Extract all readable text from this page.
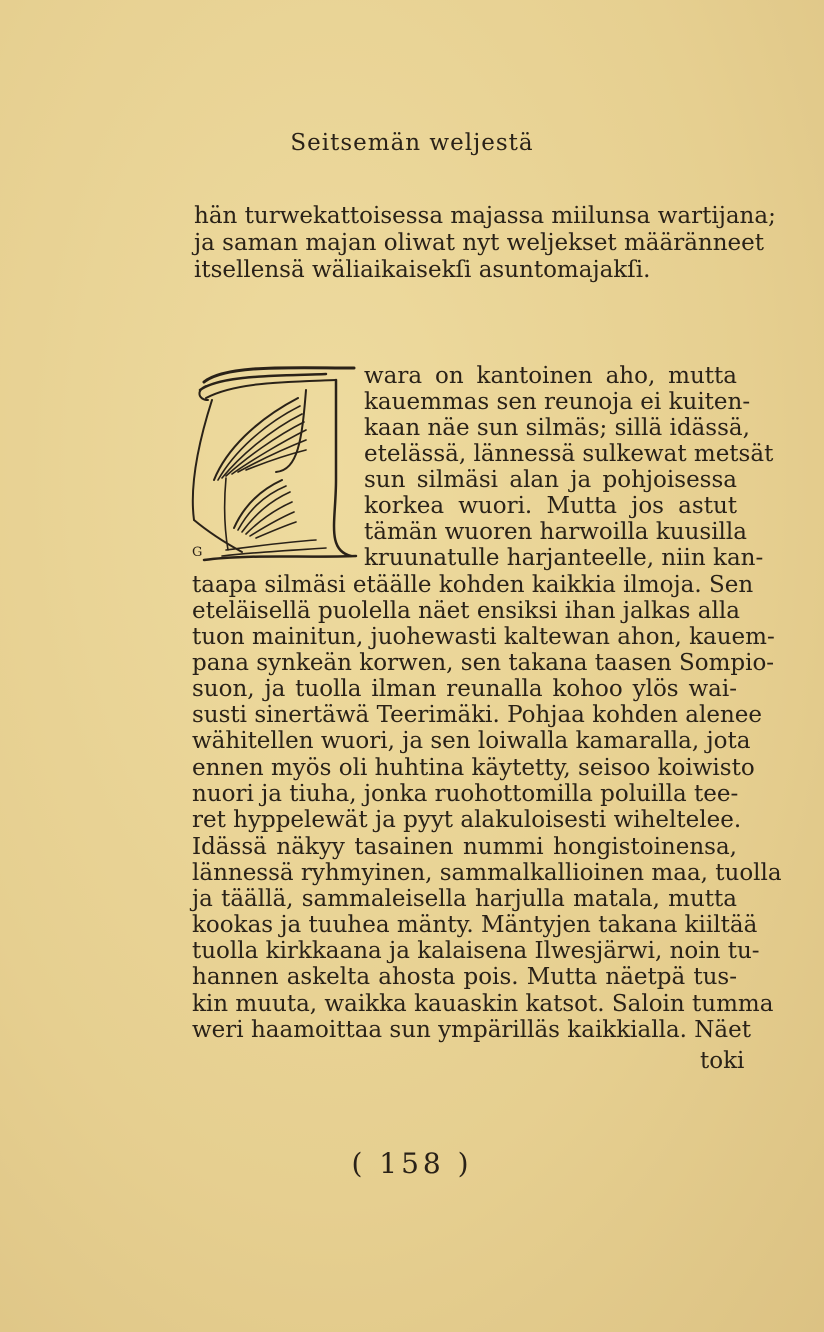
Seitsemän weljestä
hän turwekattoisessa majassa miilunsa wartijana;
ja saman majan oliwat nyt weljekset määränneet
itsellensä wäliaikaisekſi asuntomajakſi.
G
wara on kantoinen aho, mutta
kauemmas sen reunoja ei kuiten-
kaan näe sun silmäs; sillä idässä,
etelässä, lännessä sulkewat metsät
sun silmäsi alan ja pohjoisessa
korkea wuori. Mutta jos astut
tämän wuoren harwoilla kuusilla
kruunatulle harjanteelle, niin kan-
taapa silmäsi etäälle kohden kaikkia ilmoja. Sen
eteläisellä puolella näet ensiksi ihan jalkas alla
tuon mainitun, juohewasti kaltewan ahon, kauem-
pana synkeän korwen, sen takana taasen Sompio-
suon, ja tuolla ilman reunalla kohoo ylös wai-
susti sinertäwä Teerimäki. Pohjaa kohden alenee
wähitellen wuori, ja sen loiwalla kamaralla, jota
ennen myös oli huhtina käytetty, seisoo koiwisto
nuori ja tiuha, jonka ruohottomilla poluilla tee-
ret hyppelewät ja pyyt alakuloisesti wiheltelee.
Idässä näkyy tasainen nummi hongistoinensa,
lännessä ryhmyinen, sammalkallioinen maa, tuolla
ja täällä, sammaleisella harjulla matala, mutta
kookas ja tuuhea mänty. Mäntyjen takana kiiltää
tuolla kirkkaana ja kalaisena Ilwesjärwi, noin tu-
hannen askelta ahosta pois. Mutta näetpä tus-
kin muuta, waikka kauaskin katsot. Saloin tumma
weri haamoittaa sun ympärilläs kaikkialla. Näet
toki
( 158 )
